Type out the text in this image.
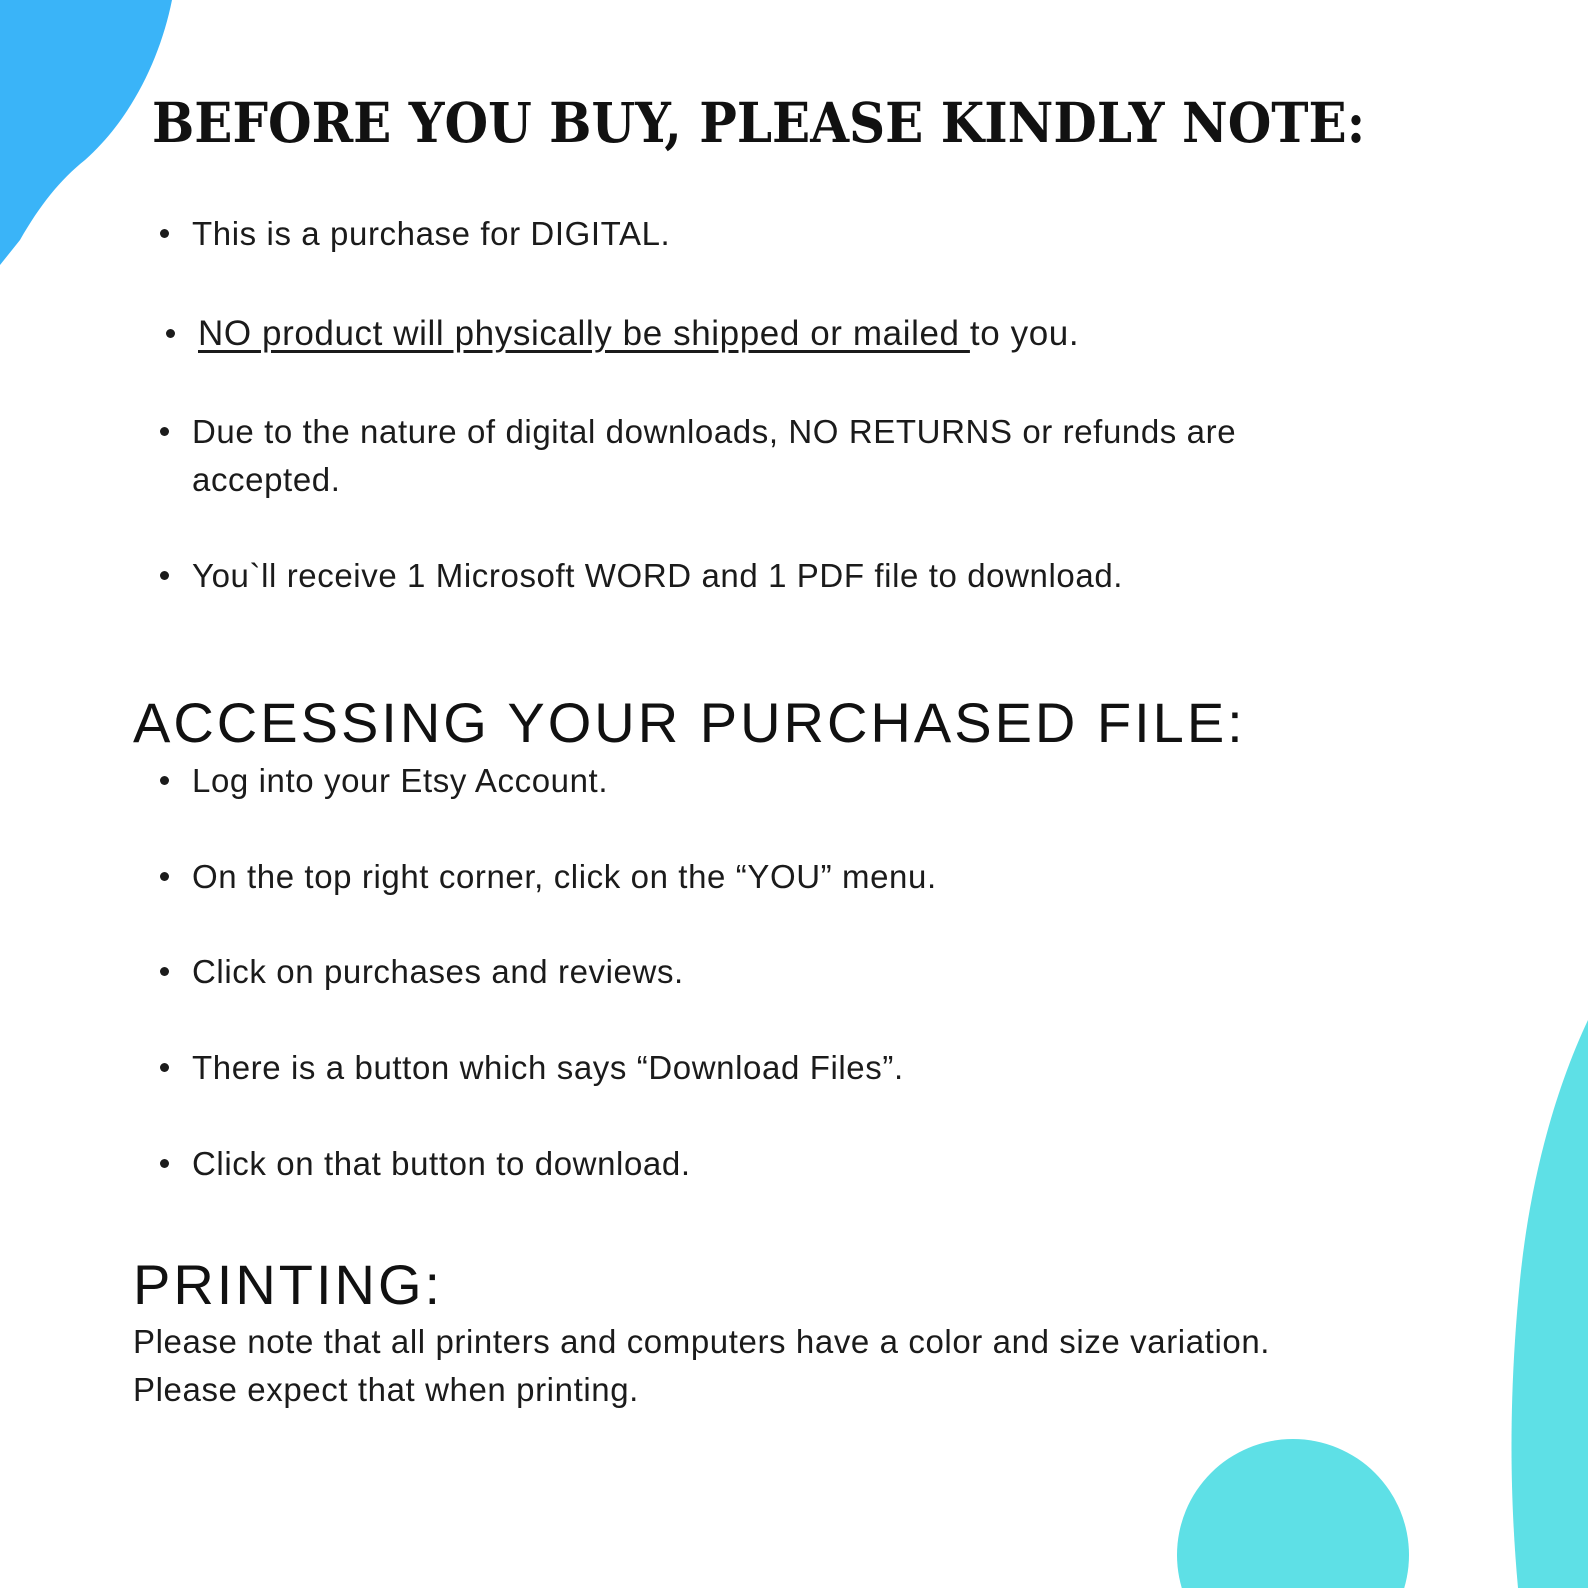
BEFORE YOU BUY, PLEASE KINDLY NOTE:
This is a purchase for DIGITAL.
NO product will physically be shipped or mailed to you.
Due to the nature of digital downloads, NO RETURNS or refunds are accepted.
You`ll receive 1 Microsoft WORD and 1 PDF file to download.
ACCESSING YOUR PURCHASED FILE:
Log into your Etsy Account.
On the top right corner, click on the “YOU” menu.
Click on purchases and reviews.
There is a button which says “Download Files”.
Click on that button to download.
PRINTING:

Please note that all printers and computers have a color and size variation.
Please expect that when printing.
